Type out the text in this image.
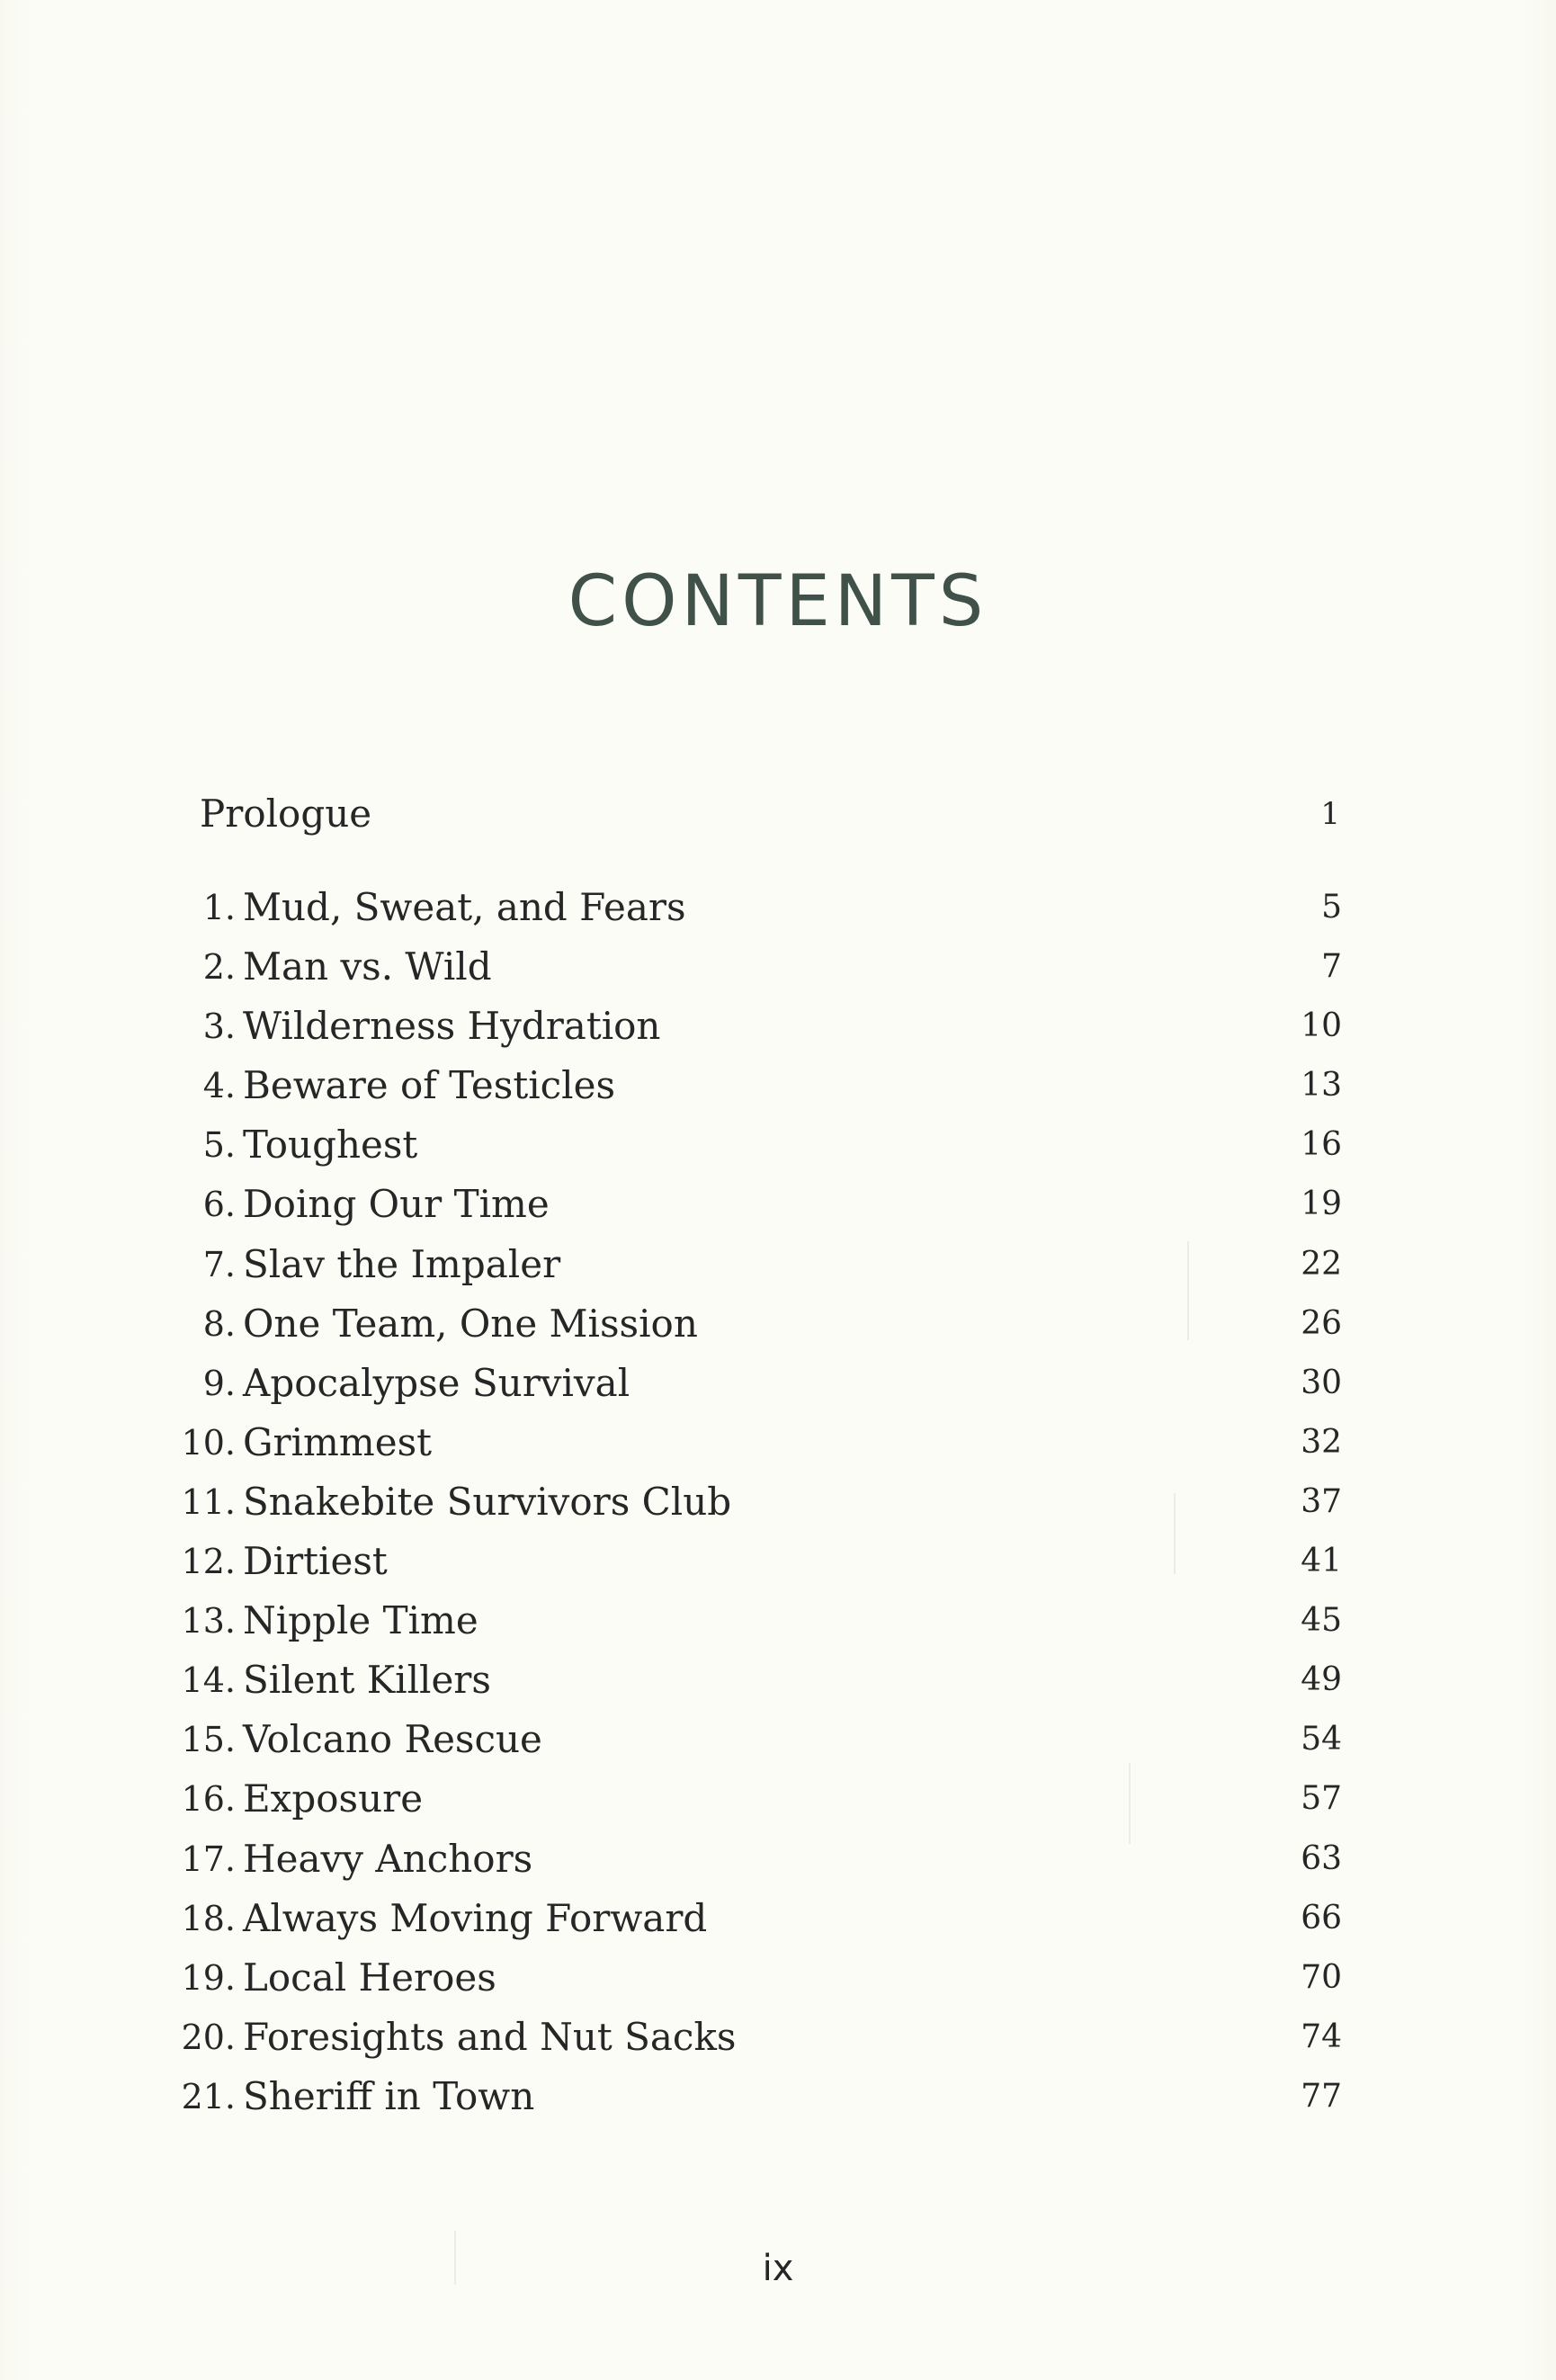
CONTENTS
Prologue	1
1. Mud, Sweat, and Fears	5
2. Man vs. Wild	7
3. Wilderness Hydration	10
4. Beware of Testicles	13
5. Toughest	16
6. Doing Our Time	19
7. Slav the Impaler	22
8. One Team, One Mission	26
9. Apocalypse Survival	30
10. Grimmest	32
11. Snakebite Survivors Club	37
12. Dirtiest	41
13. Nipple Time	45
14. Silent Killers	49
15. Volcano Rescue	54
16. Exposure	57
17. Heavy Anchors	63
18. Always Moving Forward	66
19. Local Heroes	70
20. Foresights and Nut Sacks	74
21. Sheriff in Town	77
ix
